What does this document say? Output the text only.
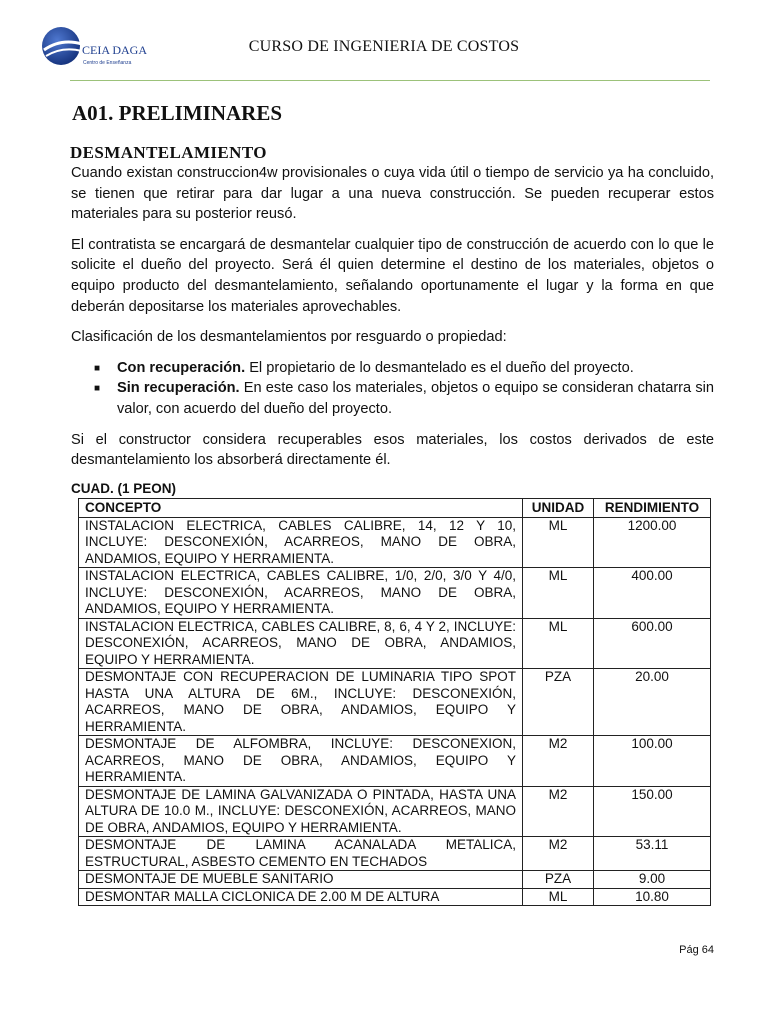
CEIA DAGA
Centro de Enseñanza
CURSO DE INGENIERIA DE COSTOS
A01. PRELIMINARES
DESMANTELAMIENTO

Cuando existan construccion4w provisionales o cuya vida útil o tiempo de servicio ya ha concluido, se tienen que retirar para dar lugar a una nueva construcción. Se pueden recuperar estos materiales para su posterior reusó.

El contratista se encargará de desmantelar cualquier tipo de construcción de acuerdo con lo que le solicite el dueño del proyecto. Será él quien determine el destino de los materiales, objetos o equipo producto del desmantelamiento, señalando oportunamente el lugar y la forma en que deberán depositarse los materiales aprovechables.

Clasificación de los desmantelamientos por resguardo o propiedad:

■ Con recuperación. El propietario de lo desmantelado es el dueño del proyecto.
■ Sin recuperación. En este caso los materiales, objetos o equipo se consideran chatarra sin valor, con acuerdo del dueño del proyecto.

Si el constructor considera recuperables esos materiales, los costos derivados de este desmantelamiento los absorberá directamente él.

CUAD. (1 PEON)
CONCEPTO	UNIDAD	RENDIMIENTO
INSTALACION ELECTRICA, CABLES CALIBRE, 14, 12 Y 10, INCLUYE: DESCONEXIÓN, ACARREOS, MANO DE OBRA, ANDAMIOS, EQUIPO Y HERRAMIENTA.	ML	1200.00
INSTALACION ELECTRICA, CABLES CALIBRE, 1/0, 2/0, 3/0 Y 4/0, INCLUYE: DESCONEXIÓN, ACARREOS, MANO DE OBRA, ANDAMIOS, EQUIPO Y HERRAMIENTA.	ML	400.00
INSTALACION ELECTRICA, CABLES CALIBRE, 8, 6, 4 Y 2, INCLUYE: DESCONEXIÓN, ACARREOS, MANO DE OBRA, ANDAMIOS, EQUIPO Y HERRAMIENTA.	ML	600.00
DESMONTAJE CON RECUPERACION DE LUMINARIA TIPO SPOT HASTA UNA ALTURA DE 6M., INCLUYE: DESCONEXIÓN, ACARREOS, MANO DE OBRA, ANDAMIOS, EQUIPO Y HERRAMIENTA.	PZA	20.00
DESMONTAJE DE ALFOMBRA, INCLUYE: DESCONEXION, ACARREOS, MANO DE OBRA, ANDAMIOS, EQUIPO Y HERRAMIENTA.	M2	100.00
DESMONTAJE DE LAMINA GALVANIZADA O PINTADA, HASTA UNA ALTURA DE 10.0 M., INCLUYE: DESCONEXIÓN, ACARREOS, MANO DE OBRA, ANDAMIOS, EQUIPO Y HERRAMIENTA.	M2	150.00
DESMONTAJE DE LAMINA ACANALADA METALICA, ESTRUCTURAL, ASBESTO CEMENTO EN TECHADOS	M2	53.11
DESMONTAJE DE MUEBLE SANITARIO	PZA	9.00
DESMONTAR MALLA CICLONICA DE 2.00 M DE ALTURA	ML	10.80
Pág 64
